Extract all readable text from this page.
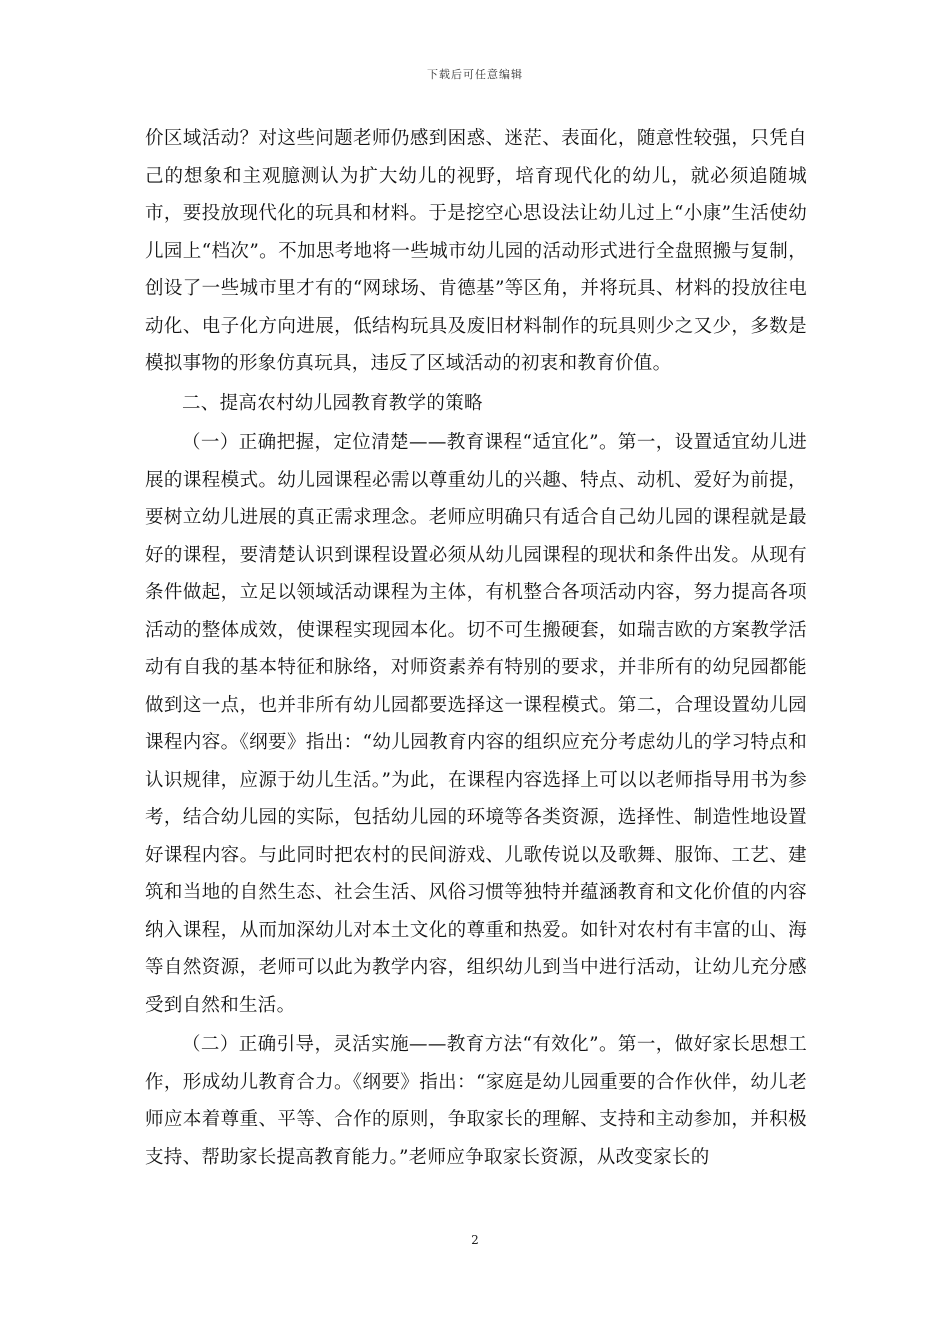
下载后可任意编辑

价区域活动？对这些问题老师仍感到困惑、迷茫、表面化，随意性较强，只凭自己的想象和主观臆测认为扩大幼儿的视野，培育现代化的幼儿，就必须追随城市，要投放现代化的玩具和材料。于是挖空心思设法让幼儿过上“小康”生活使幼儿园上“档次”。不加思考地将一些城市幼儿园的活动形式进行全盘照搬与复制，创设了一些城市里才有的“网球场、肯德基”等区角，并将玩具、材料的投放往电动化、电子化方向进展，低结构玩具及废旧材料制作的玩具则少之又少，多数是模拟事物的形象仿真玩具，违反了区域活动的初衷和教育价值。

二、提高农村幼儿园教育教学的策略

（一）正确把握，定位清楚——教育课程“适宜化”。第一，设置适宜幼儿进展的课程模式。幼儿园课程必需以尊重幼儿的兴趣、特点、动机、爱好为前提，要树立幼儿进展的真正需求理念。老师应明确只有适合自己幼儿园的课程就是最好的课程，要清楚认识到课程设置必须从幼儿园课程的现状和条件出发。从现有条件做起，立足以领域活动课程为主体，有机整合各项活动内容，努力提高各项活动的整体成效，使课程实现园本化。切不可生搬硬套，如瑞吉欧的方案教学活动有自我的基本特征和脉络，对师资素养有特别的要求，并非所有的幼兒园都能做到这一点，也并非所有幼儿园都要选择这一课程模式。第二，合理设置幼儿园课程内容。《纲要》指出：“幼儿园教育内容的组织应充分考虑幼儿的学习特点和认识规律，应源于幼儿生活。”为此，在课程内容选择上可以以老师指导用书为参考，结合幼儿园的实际，包括幼儿园的环境等各类资源，选择性、制造性地设置好课程内容。与此同时把农村的民间游戏、儿歌传说以及歌舞、服饰、工艺、建筑和当地的自然生态、社会生活、风俗习惯等独特并蕴涵教育和文化价值的内容纳入课程，从而加深幼儿对本土文化的尊重和热爱。如针对农村有丰富的山、海等自然资源，老师可以此为教学内容，组织幼儿到当中进行活动，让幼儿充分感受到自然和生活。

（二）正确引导，灵活实施——教育方法“有效化”。第一，做好家长思想工作，形成幼儿教育合力。《纲要》指出：“家庭是幼儿园重要的合作伙伴，幼儿老师应本着尊重、平等、合作的原则，争取家长的理解、支持和主动参加，并积极支持、帮助家长提高教育能力。”老师应争取家长资源，从改变家长的

2
